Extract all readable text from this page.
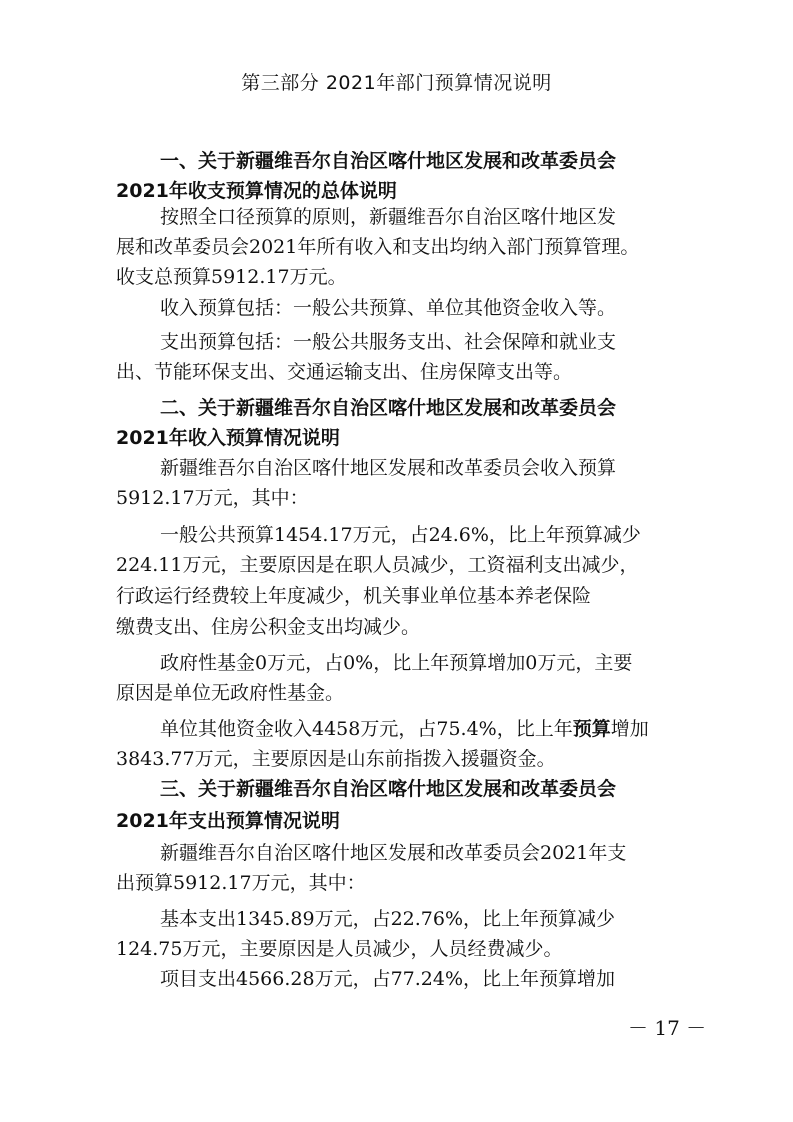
第三部分 2021年部门预算情况说明
一、关于新疆维吾尔自治区喀什地区发展和改革委员会
2021年收支预算情况的总体说明
按照全口径预算的原则，新疆维吾尔自治区喀什地区发
展和改革委员会2021年所有收入和支出均纳入部门预算管理。
收支总预算5912.17万元。
收入预算包括：一般公共预算、单位其他资金收入等。
支出预算包括：一般公共服务支出、社会保障和就业支
出、节能环保支出、交通运输支出、住房保障支出等。
二、关于新疆维吾尔自治区喀什地区发展和改革委员会
2021年收入预算情况说明
新疆维吾尔自治区喀什地区发展和改革委员会收入预算
5912.17万元，其中：
一般公共预算1454.17万元，占24.6%，比上年预算减少
224.11万元，主要原因是在职人员减少，工资福利支出减少，
行政运行经费较上年度减少，机关事业单位基本养老保险
缴费支出、住房公积金支出均减少。
政府性基金0万元，占0%，比上年预算增加0万元，主要
原因是单位无政府性基金。
单位其他资金收入4458万元，占75.4%，比上年预算增加
3843.77万元，主要原因是山东前指拨入援疆资金。
三、关于新疆维吾尔自治区喀什地区发展和改革委员会
2021年支出预算情况说明
新疆维吾尔自治区喀什地区发展和改革委员会2021年支
出预算5912.17万元，其中：
基本支出1345.89万元，占22.76%，比上年预算减少
124.75万元，主要原因是人员减少，人员经费减少。
项目支出4566.28万元，占77.24%，比上年预算增加
－ 17 －
